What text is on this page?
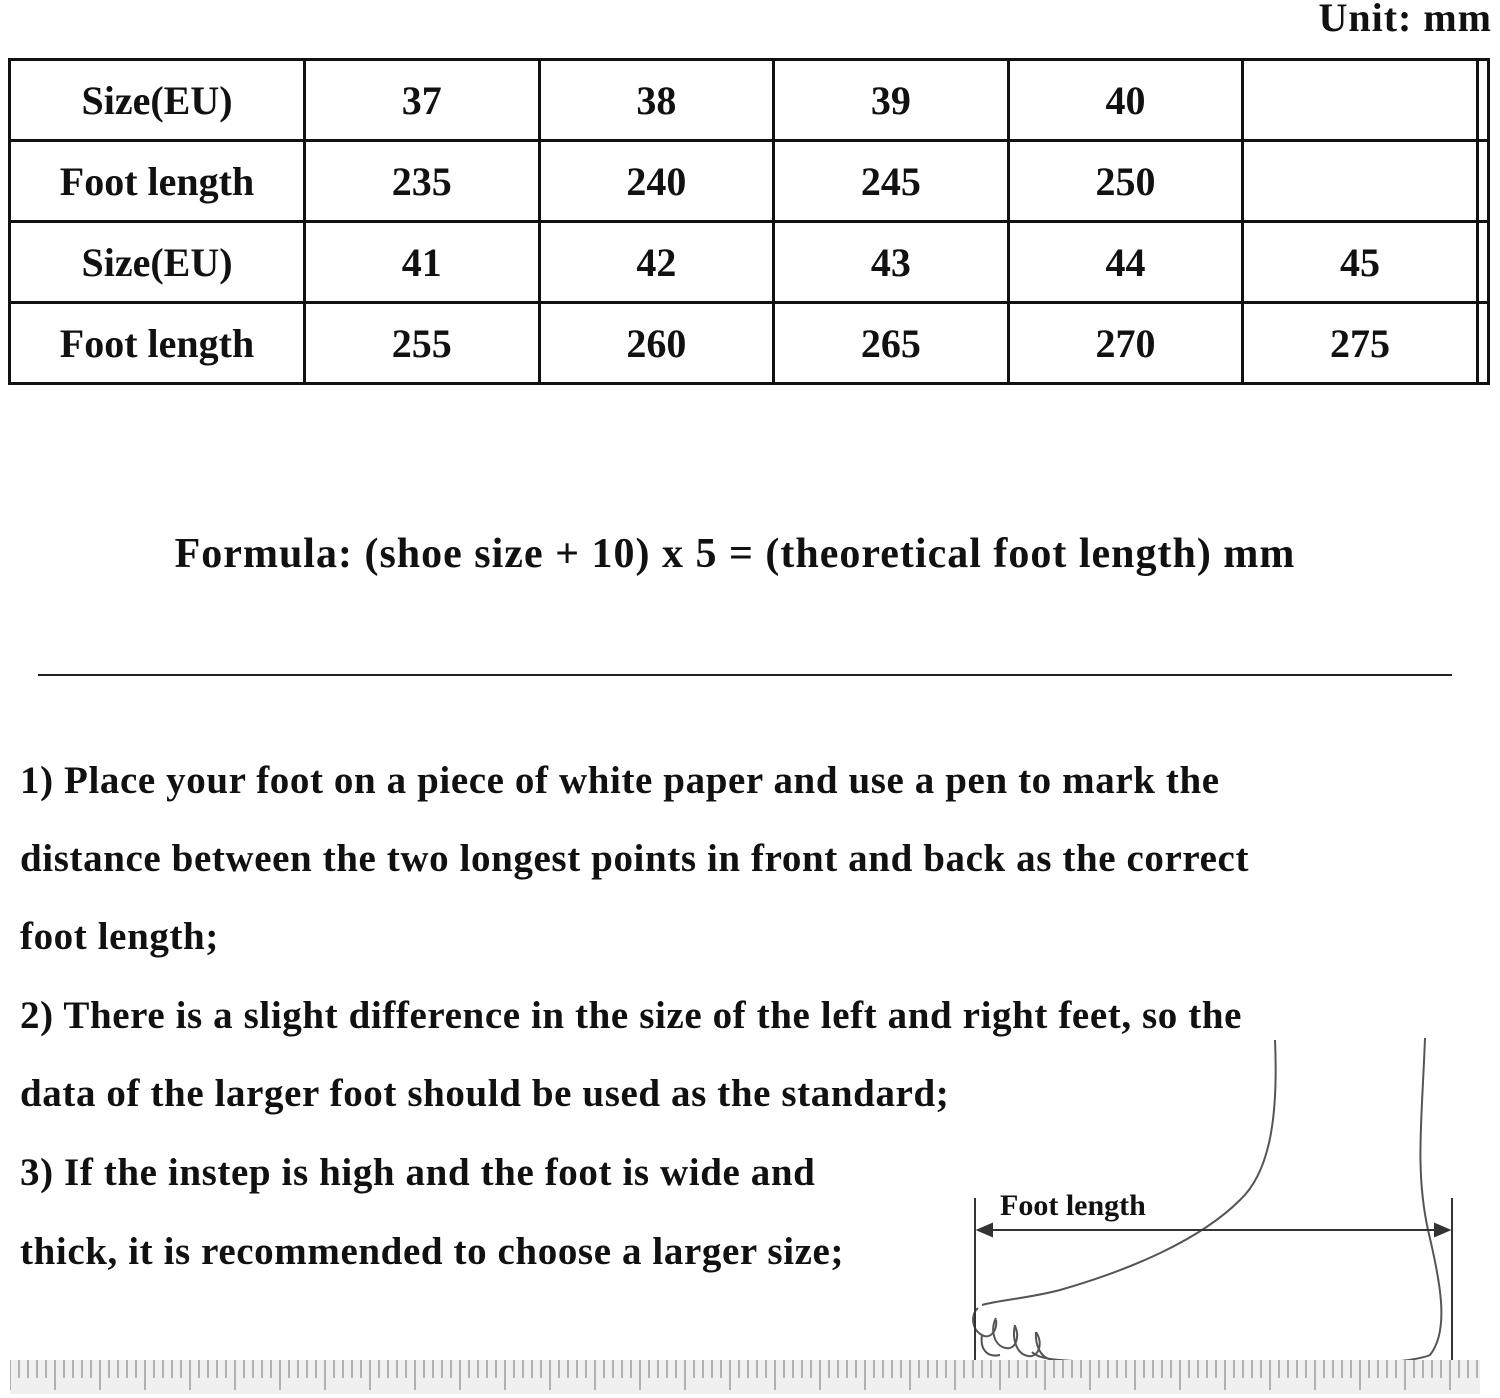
Unit: mm
Size(EU)	37	38	39	40		
Foot length	235	240	245	250		
Size(EU)	41	42	43	44	45	
Foot length	255	260	265	270	275	
Formula: (shoe size + 10) x 5 = (theoretical foot length) mm
1) Place your foot on a piece of white paper and use a pen to mark the
distance between the two longest points in front and back as the correct
foot length;
2) There is a slight difference in the size of the left and right feet, so the
data of the larger foot should be used as the standard;
3) If the instep is high and the foot is wide and
thick, it is recommended to choose a larger size;
Foot length
